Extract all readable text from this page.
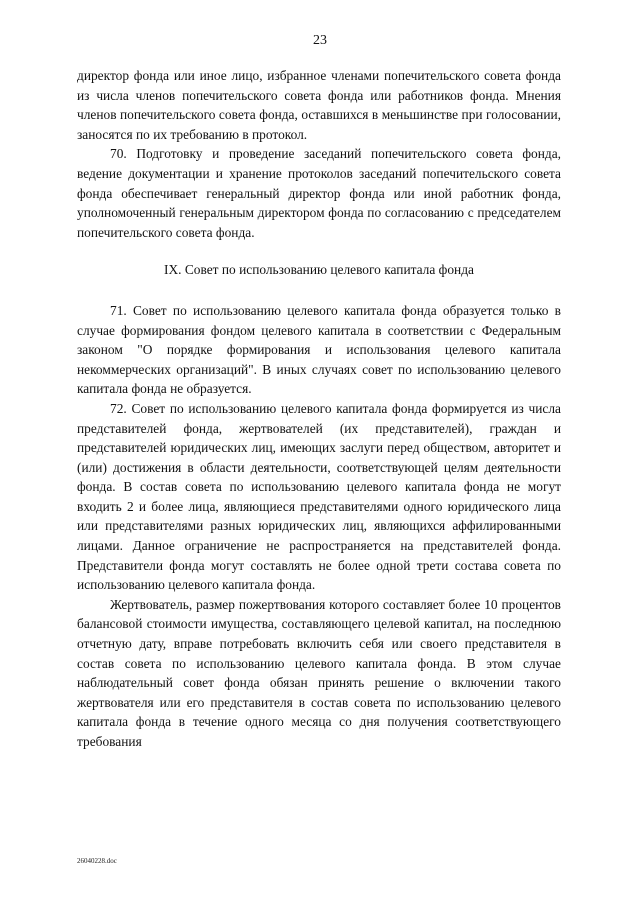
23

директор фонда или иное лицо, избранное членами попечительского совета фонда из числа членов попечительского совета фонда или работников фонда. Мнения членов попечительского совета фонда, оставшихся в меньшинстве при голосовании, заносятся по их требованию в протокол.

70. Подготовку и проведение заседаний попечительского совета фонда, ведение документации и хранение протоколов заседаний попечительского совета фонда обеспечивает генеральный директор фонда или иной работник фонда, уполномоченный генеральным директором фонда по согласованию с председателем попечительского совета фонда.

IX. Совет по использованию целевого капитала фонда

71. Совет по использованию целевого капитала фонда образуется только в случае формирования фондом целевого капитала в соответствии с Федеральным законом "О порядке формирования и использования целевого капитала некоммерческих организаций". В иных случаях совет по использованию целевого капитала фонда не образуется.

72. Совет по использованию целевого капитала фонда формируется из числа представителей фонда, жертвователей (их представителей), граждан и представителей юридических лиц, имеющих заслуги перед обществом, авторитет и (или) достижения в области деятельности, соответствующей целям деятельности фонда. В состав совета по использованию целевого капитала фонда не могут входить 2 и более лица, являющиеся представителями одного юридического лица или представителями разных юридических лиц, являющихся аффилированными лицами. Данное ограничение не распространяется на представителей фонда. Представители фонда могут составлять не более одной трети состава совета по использованию целевого капитала фонда.

Жертвователь, размер пожертвования которого составляет более 10 процентов балансовой стоимости имущества, составляющего целевой капитал, на последнюю отчетную дату, вправе потребовать включить себя или своего представителя в состав совета по использованию целевого капитала фонда. В этом случае наблюдательный совет фонда обязан принять решение о включении такого жертвователя или его представителя в состав совета по использованию целевого капитала фонда в течение одного месяца со дня получения соответствующего требования

26040228.doc
